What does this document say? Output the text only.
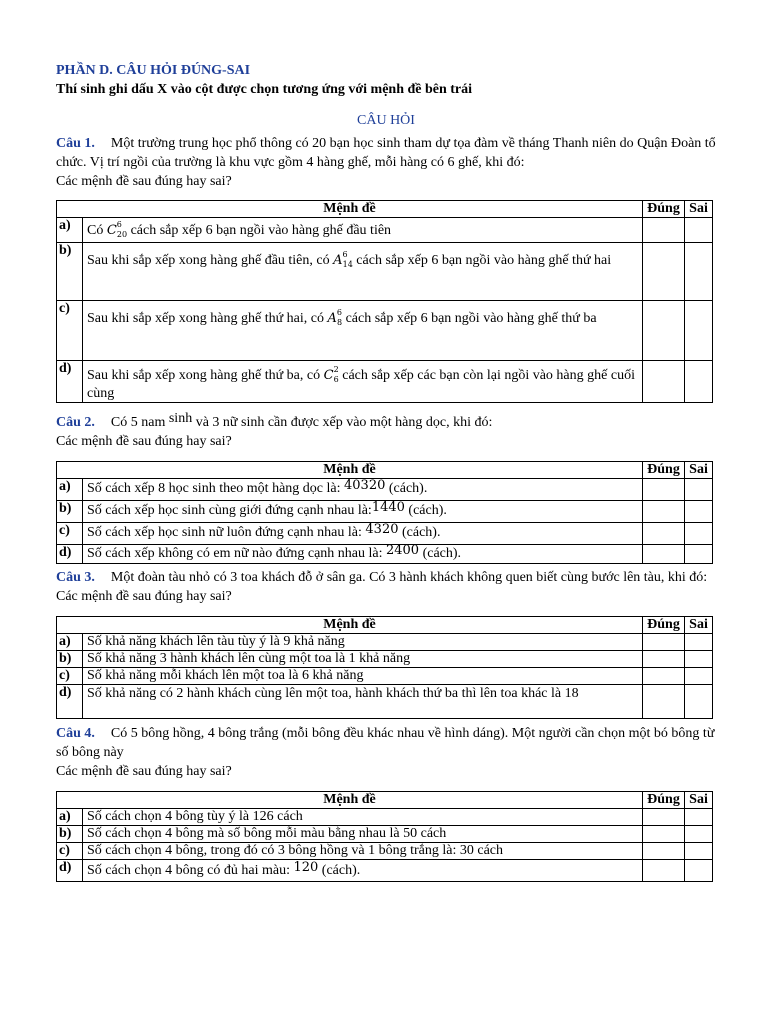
PHẦN D. CÂU HỎI ĐÚNG-SAI
Thí sinh ghi dấu X vào cột được chọn tương ứng với mệnh đề bên trái
CÂU HỎI
Câu 1. Một trường trung học phổ thông có 20 bạn học sinh tham dự tọa đàm về tháng Thanh niên do Quận Đoàn tổ chức. Vị trí ngồi của trường là khu vực gồm 4 hàng ghế, mỗi hàng có 6 ghế, khi đó:
Các mệnh đề sau đúng hay sai?
Mệnh đề		Đúng	Sai
a)	Có $C^6_{20}$ cách sắp xếp 6 bạn ngồi vào hàng ghế đầu tiên		

b)	Sau khi sắp xếp xong hàng ghế đầu tiên, có $A^6_{14}$ cách sắp xếp 6 bạn ngồi vào hàng ghế thứ hai		

c)	Sau khi sắp xếp xong hàng ghế thứ hai, có $A^6_8$ cách sắp xếp 6 bạn ngồi vào hàng ghế thứ ba		

d)	Sau khi sắp xếp xong hàng ghế thứ ba, có $C^2_6$ cách sắp xếp các bạn còn lại ngồi vào hàng ghế cuối cùng		

Câu 2. Có 5 nam sinh và 3 nữ sinh cần được xếp vào một hàng dọc, khi đó:
Các mệnh đề sau đúng hay sai?
Mệnh đề		Đúng	Sai
a)	Số cách xếp 8 học sinh theo một hàng dọc là: 40320 (cách).		

b)	Số cách xếp học sinh cùng giới đứng cạnh nhau là:1440 (cách).		

c)	Số cách xếp học sinh nữ luôn đứng cạnh nhau là: 4320 (cách).		

d)	Số cách xếp không có em nữ nào đứng cạnh nhau là: 2400 (cách).		

Câu 3. Một đoàn tàu nhỏ có 3 toa khách đỗ ở sân ga. Có 3 hành khách không quen biết cùng bước lên tàu, khi đó:
Các mệnh đề sau đúng hay sai?
Mệnh đề		Đúng	Sai
a)	Số khả năng khách lên tàu tùy ý là 9 khả năng		
b)	Số khả năng 3 hành khách lên cùng một toa là 1 khả năng		
c)	Số khả năng mỗi khách lên một toa là 6 khả năng		
d)	Số khả năng có 2 hành khách cùng lên một toa, hành khách thứ ba thì lên toa khác là 18		
Câu 4. Có 5 bông hồng, 4 bông trắng (mỗi bông đều khác nhau về hình dáng). Một người cần chọn một bó bông từ số bông này
Các mệnh đề sau đúng hay sai?
Mệnh đề		Đúng	Sai
a)	Số cách chọn 4 bông tùy ý là 126 cách		
b)	Số cách chọn 4 bông mà số bông mỗi màu bằng nhau là 50 cách		
c)	Số cách chọn 4 bông, trong đó có 3 bông hồng và 1 bông trắng là: 30 cách		
d)	Số cách chọn 4 bông có đủ hai màu: 120 (cách).		
